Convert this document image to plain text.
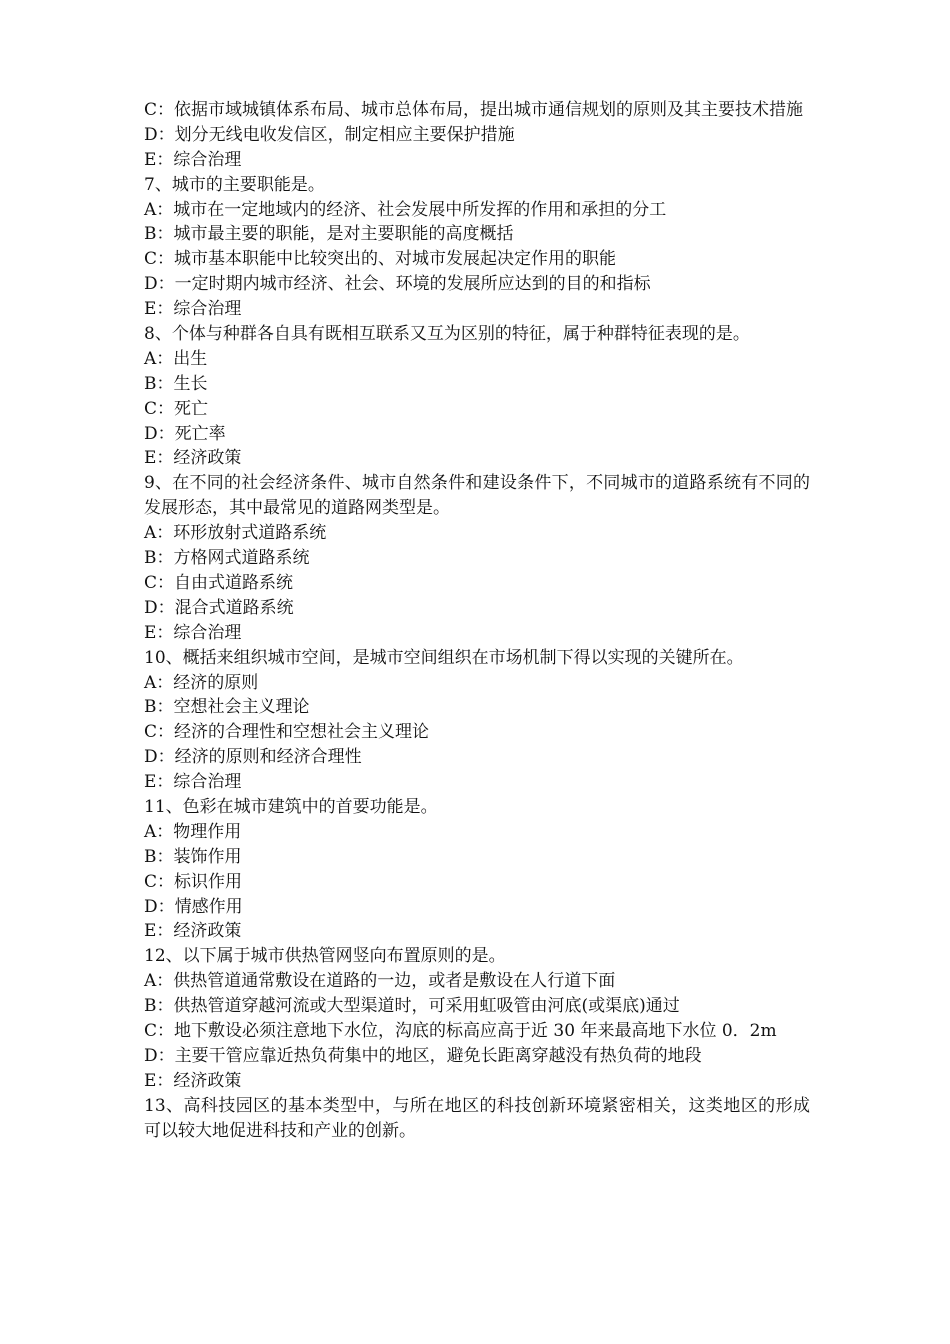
C：依据市域城镇体系布局、城市总体布局，提出城市通信规划的原则及其主要技术措施
D：划分无线电收发信区，制定相应主要保护措施
E：综合治理
7、城市的主要职能是。
A：城市在一定地域内的经济、社会发展中所发挥的作用和承担的分工
B：城市最主要的职能，是对主要职能的高度概括
C：城市基本职能中比较突出的、对城市发展起决定作用的职能
D：一定时期内城市经济、社会、环境的发展所应达到的目的和指标
E：综合治理
8、个体与种群各自具有既相互联系又互为区别的特征，属于种群特征表现的是。
A：出生
B：生长
C：死亡
D：死亡率
E：经济政策
9、在不同的社会经济条件、城市自然条件和建设条件下，不同城市的道路系统有不同的发展形态，其中最常见的道路网类型是。
A：环形放射式道路系统
B：方格网式道路系统
C：自由式道路系统
D：混合式道路系统
E：综合治理
10、概括来组织城市空间，是城市空间组织在市场机制下得以实现的关键所在。
A：经济的原则
B：空想社会主义理论
C：经济的合理性和空想社会主义理论
D：经济的原则和经济合理性
E：综合治理
11、色彩在城市建筑中的首要功能是。
A：物理作用
B：装饰作用
C：标识作用
D：情感作用
E：经济政策
12、以下属于城市供热管网竖向布置原则的是。
A：供热管道通常敷设在道路的一边，或者是敷设在人行道下面
B：供热管道穿越河流或大型渠道时，可采用虹吸管由河底(或渠底)通过
C：地下敷设必须注意地下水位，沟底的标高应高于近 30 年来最高地下水位 0．2m
D：主要干管应靠近热负荷集中的地区，避免长距离穿越没有热负荷的地段
E：经济政策
13、高科技园区的基本类型中，与所在地区的科技创新环境紧密相关，这类地区的形成可以较大地促进科技和产业的创新。
